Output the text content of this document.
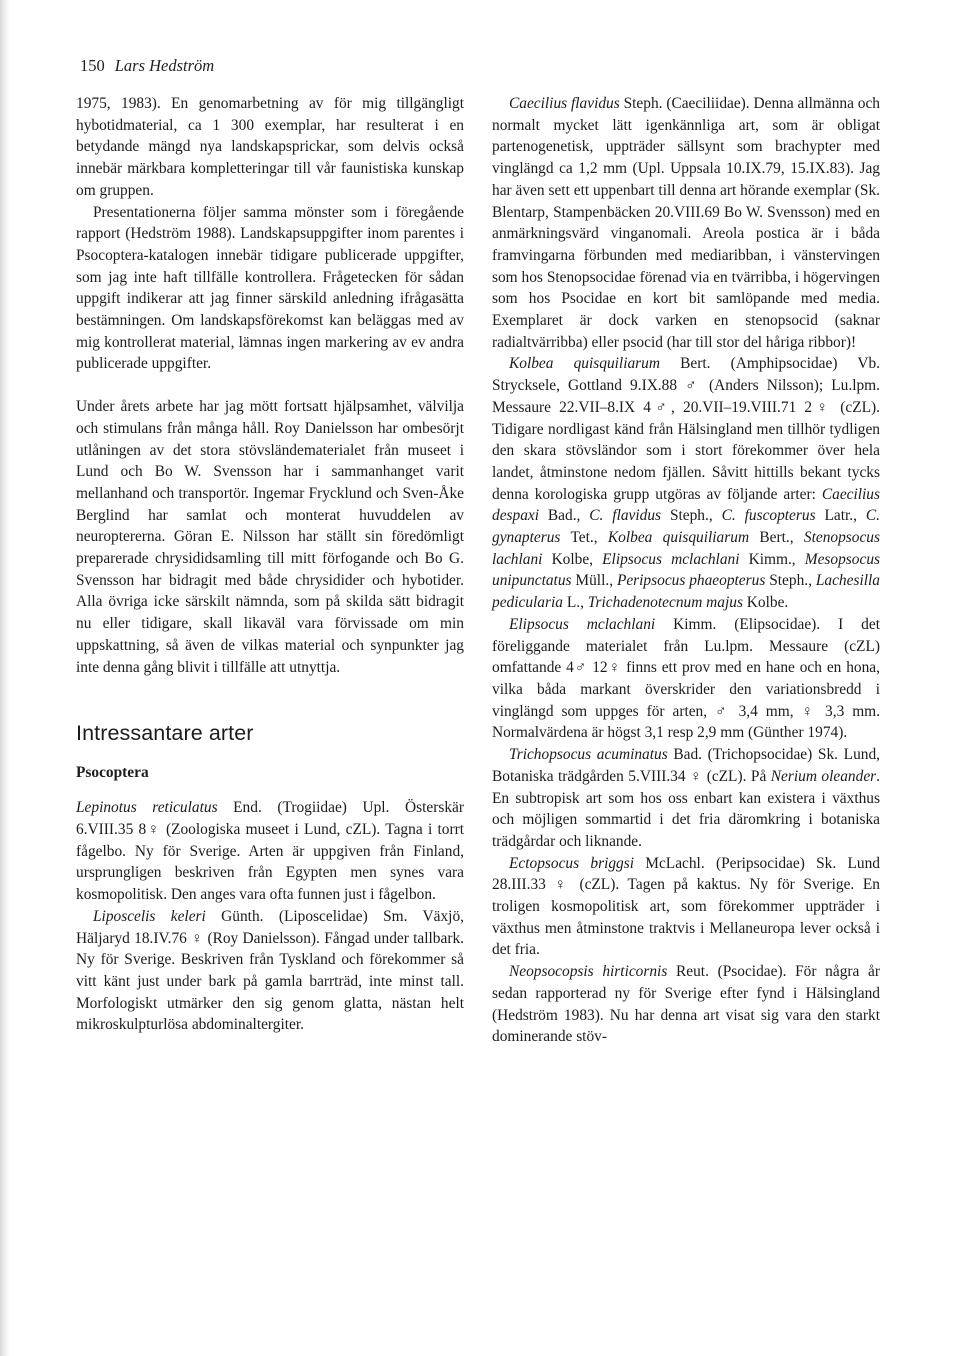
150 Lars Hedström

1975, 1983). En genomarbetning av för mig tillgängligt hybotidmaterial, ca 1 300 exemplar, har resulterat i en betydande mängd nya landskapsprickar, som delvis också innebär märkbara kompletteringar till vår faunistiska kunskap om gruppen.

Presentationerna följer samma mönster som i föregående rapport (Hedström 1988). Landskapsuppgifter inom parentes i Psocoptera-katalogen innebär tidigare publicerade uppgifter, som jag inte haft tillfälle kontrollera. Frågetecken för sådan uppgift indikerar att jag finner särskild anledning ifrågasätta bestämningen. Om landskapsförekomst kan beläggas med av mig kontrollerat material, lämnas ingen markering av ev andra publicerade uppgifter.

Under årets arbete har jag mött fortsatt hjälpsamhet, välvilja och stimulans från många håll. Roy Danielsson har ombesörjt utlåningen av det stora stövsländematerialet från museet i Lund och Bo W. Svensson har i sammanhanget varit mellanhand och transportör. Ingemar Frycklund och Sven-Åke Berglind har samlat och monterat huvuddelen av neuroptererna. Göran E. Nilsson har ställt sin föredömligt preparerade chrysididsamling till mitt förfogande och Bo G. Svensson har bidragit med både chrysidider och hybotider. Alla övriga icke särskilt nämnda, som på skilda sätt bidragit nu eller tidigare, skall likaväl vara förvissade om min uppskattning, så även de vilkas material och synpunkter jag inte denna gång blivit i tillfälle att utnyttja.

Intressantare arter
Psocoptera

Lepinotus reticulatus End. (Trogiidae) Upl. Österskär 6.VIII.35 8♀ (Zoologiska museet i Lund, cZL). Tagna i torrt fågelbo. Ny för Sverige. Arten är uppgiven från Finland, ursprungligen beskriven från Egypten men synes vara kosmopolitisk. Den anges vara ofta funnen just i fågelbon.

Liposcelis keleri Günth. (Liposcelidae) Sm. Växjö, Häljaryd 18.IV.76 ♀ (Roy Danielsson). Fångad under tallbark. Ny för Sverige. Beskriven från Tyskland och förekommer så vitt känt just under bark på gamla barrträd, inte minst tall. Morfologiskt utmärker den sig genom glatta, nästan helt mikroskulpturlösa abdominaltergiter.

Caecilius flavidus Steph. (Caeciliidae). Denna allmänna och normalt mycket lätt igenkännliga art, som är obligat partenogenetisk, uppträder sällsynt som brachypter med vinglängd ca 1,2 mm (Upl. Uppsala 10.IX.79, 15.IX.83). Jag har även sett ett uppenbart till denna art hörande exemplar (Sk. Blentarp, Stampenbäcken 20.VIII.69 Bo W. Svensson) med en anmärkningsvärd vinganomali. Areola postica är i båda framvingarna förbunden med mediaribban, i vänstervingen som hos Stenopsocidae förenad via en tvärribba, i högervingen som hos Psocidae en kort bit samlöpande med media. Exemplaret är dock varken en stenopsocid (saknar radialtvärribba) eller psocid (har till stor del håriga ribbor)!

Kolbea quisquiliarum Bert. (Amphipsocidae) Vb. Strycksele, Gottland 9.IX.88 ♂ (Anders Nilsson); Lu.lpm. Messaure 22.VII–8.IX 4♂, 20.VII–19.VIII.71 2♀ (cZL). Tidigare nordligast känd från Hälsingland men tillhör tydligen den skara stövsländor som i stort förekommer över hela landet, åtminstone nedom fjällen. Såvitt hittills bekant tycks denna korologiska grupp utgöras av följande arter: Caecilius despaxi Bad., C. flavidus Steph., C. fuscopterus Latr., C. gynapterus Tet., Kolbea quisquiliarum Bert., Stenopsocus lachlani Kolbe, Elipsocus mclachlani Kimm., Mesopsocus unipunctatus Müll., Peripsocus phaeopterus Steph., Lachesilla pedicularia L., Trichadenotecnum majus Kolbe.

Elipsocus mclachlani Kimm. (Elipsocidae). I det föreliggande materialet från Lu.lpm. Messaure (cZL) omfattande 4♂ 12♀ finns ett prov med en hane och en hona, vilka båda markant överskrider den variationsbredd i vinglängd som uppges för arten, ♂ 3,4 mm, ♀ 3,3 mm. Normalvärdena är högst 3,1 resp 2,9 mm (Günther 1974).

Trichopsocus acuminatus Bad. (Trichopsocidae) Sk. Lund, Botaniska trädgården 5.VIII.34 ♀ (cZL). På Nerium oleander. En subtropisk art som hos oss enbart kan existera i växthus och möjligen sommartid i det fria däromkring i botaniska trädgårdar och liknande.

Ectopsocus briggsi McLachl. (Peripsocidae) Sk. Lund 28.III.33 ♀ (cZL). Tagen på kaktus. Ny för Sverige. En troligen kosmopolitisk art, som förekommer uppträder i växthus men åtminstone traktvis i Mellaneuropa lever också i det fria.

Neopsocopsis hirticornis Reut. (Psocidae). För några år sedan rapporterad ny för Sverige efter fynd i Hälsingland (Hedström 1983). Nu har denna art visat sig vara den starkt dominerande stöv-
